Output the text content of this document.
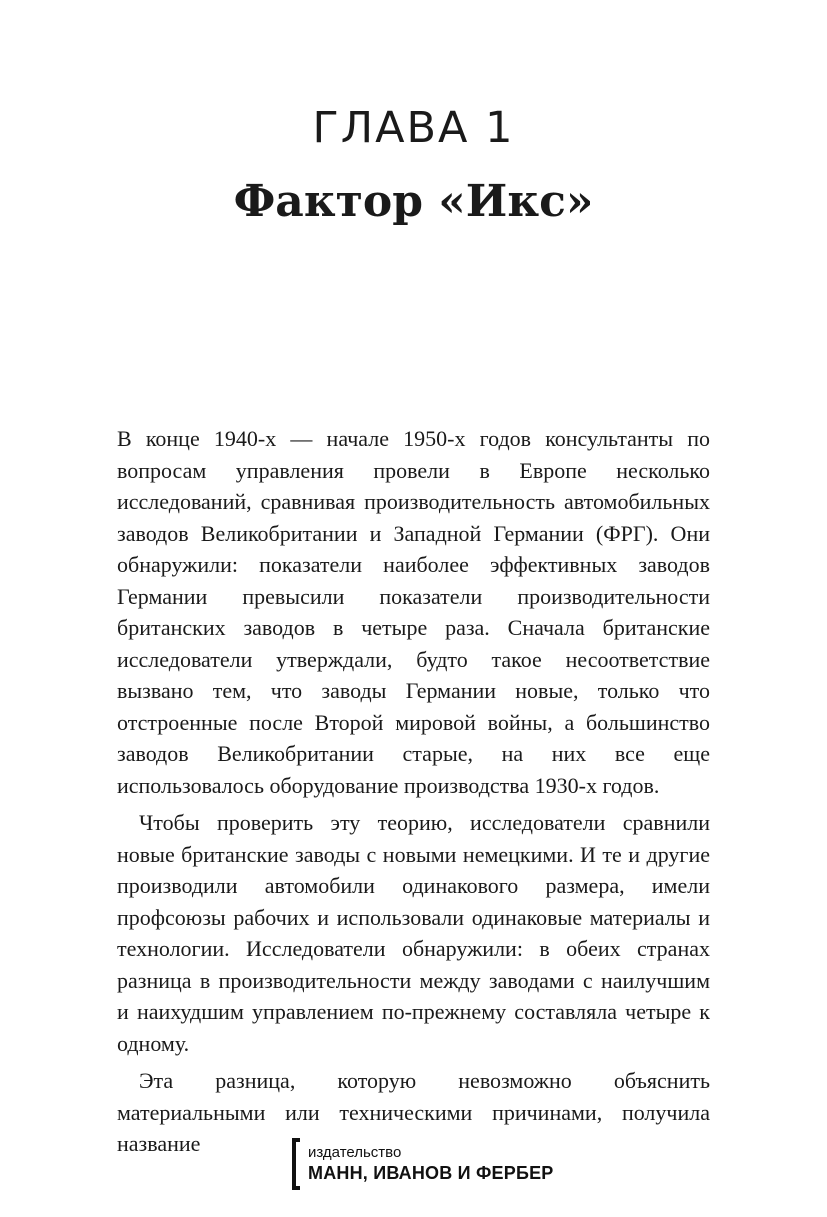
ГЛАВА 1
Фактор «Икс»

В конце 1940-х — начале 1950-х годов консультанты по вопросам управления провели в Европе несколько исследований, сравнивая производительность автомобильных заводов Великобритании и Западной Германии (ФРГ). Они обнаружили: показатели наиболее эффективных заводов Германии превысили показатели производительности британских заводов в четыре раза. Сначала британские исследователи утверждали, будто такое несоответствие вызвано тем, что заводы Германии новые, только что отстроенные после Второй мировой войны, а большинство заводов Великобритании старые, на них все еще использовалось оборудование производства 1930-х годов.

Чтобы проверить эту теорию, исследователи сравнили новые британские заводы с новыми немецкими. И те и другие производили автомобили одинакового размера, имели профсоюзы рабочих и использовали одинаковые материалы и технологии. Исследователи обнаружили: в обеих странах разница в производительности между заводами с наилучшим и наихудшим управлением по-прежнему составляла четыре к одному.

Эта разница, которую невозможно объяснить материальными или техническими причинами, получила название	издательство
МАНН, ИВАНОВ И ФЕРБЕР
